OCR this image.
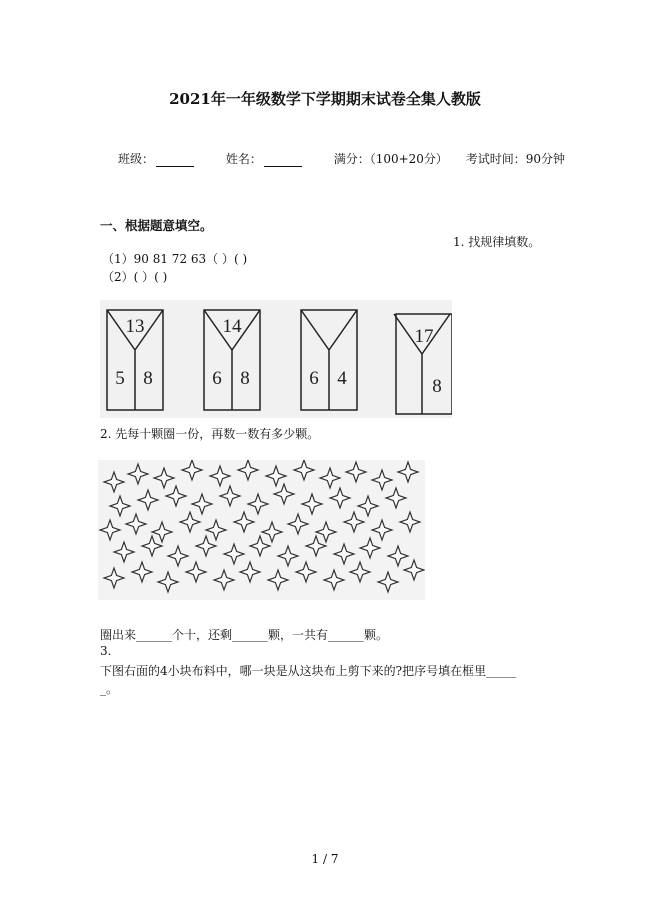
2021年一年级数学下学期期末试卷全集人教版
班级：	姓名：	满分：（100+20分） 考试时间：90分钟
一、根据题意填空。
1. 找规律填数。
（1）90 81 72 63（ ）( )
（2）( ）( )
13
5 8
14
6 8	6 4
17
8
2. 先每十颗圈一份，再数一数有多少颗。
圈出来______个十，还剩______颗，一共有______颗。
3.
下图右面的4小块布料中，哪一块是从这块布上剪下来的?把序号填在框里_____
_。
1 / 7
